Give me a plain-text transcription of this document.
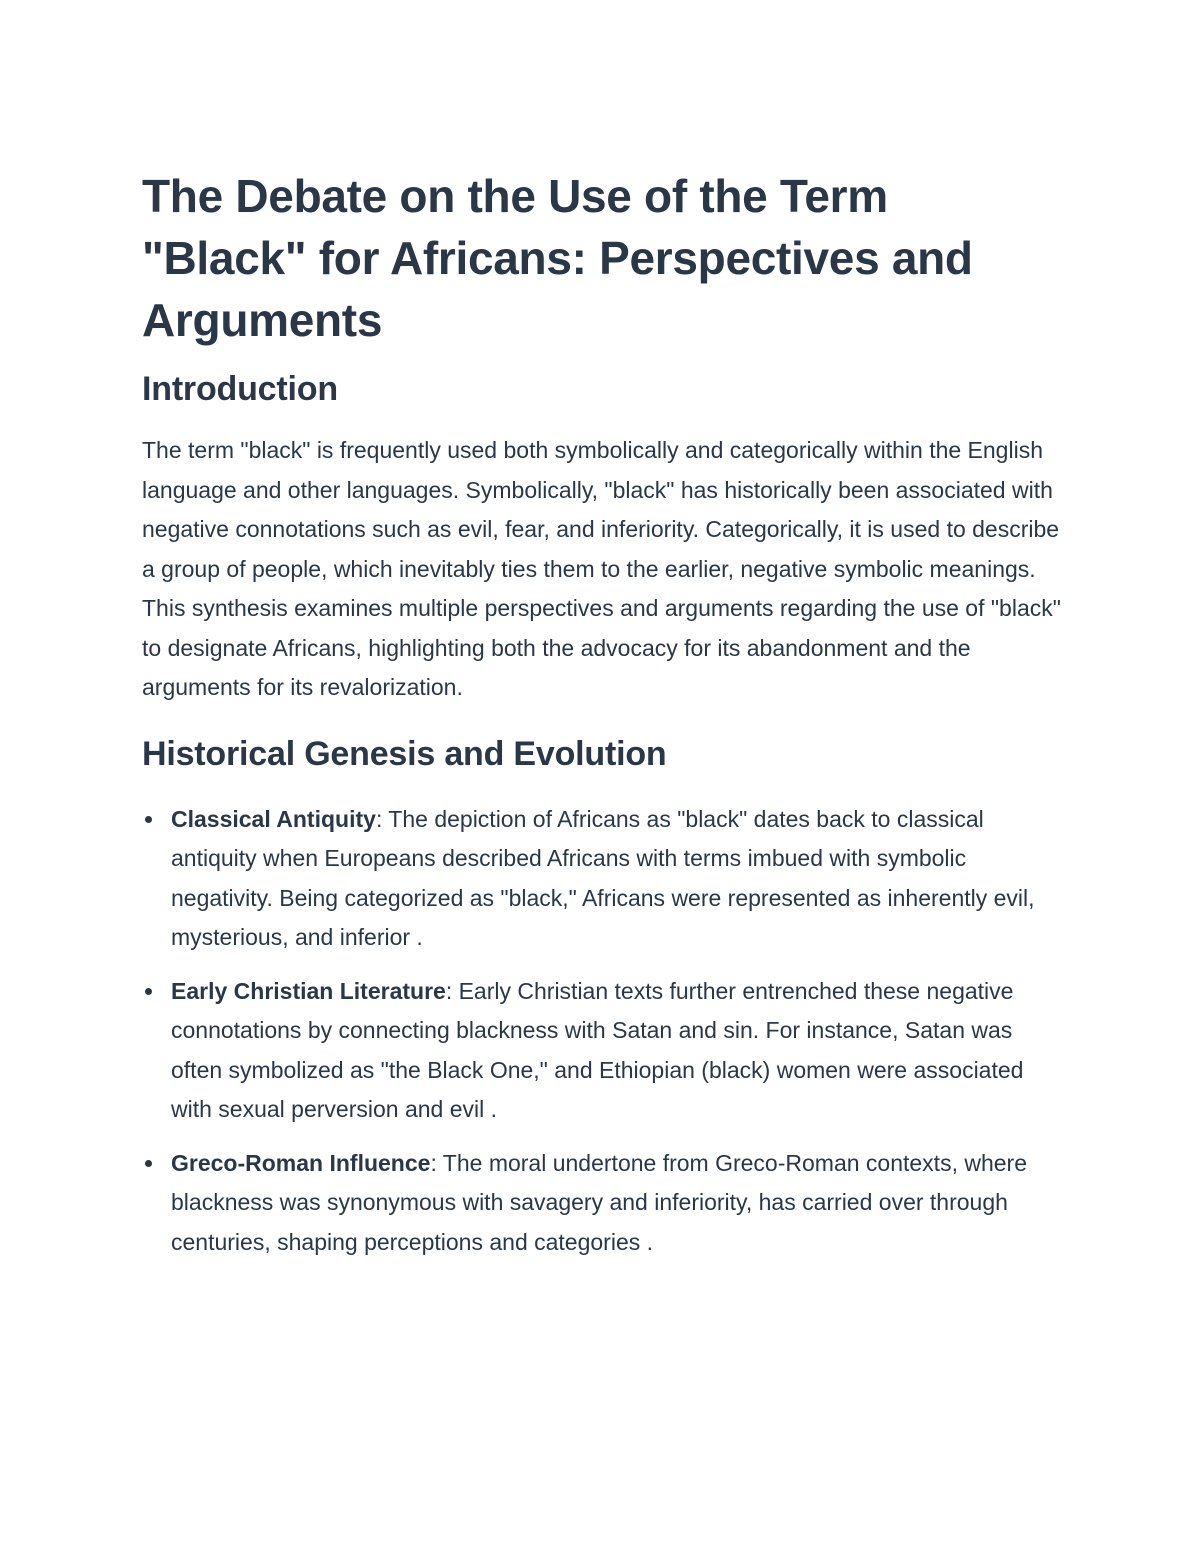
The Debate on the Use of the Term "Black" for Africans: Perspectives and Arguments
Introduction

The term "black" is frequently used both symbolically and categorically within the English language and other languages. Symbolically, "black" has historically been associated with negative connotations such as evil, fear, and inferiority. Categorically, it is used to describe a group of people, which inevitably ties them to the earlier, negative symbolic meanings. This synthesis examines multiple perspectives and arguments regarding the use of "black" to designate Africans, highlighting both the advocacy for its abandonment and the arguments for its revalorization.

Historical Genesis and Evolution
Classical Antiquity: The depiction of Africans as "black" dates back to classical antiquity when Europeans described Africans with terms imbued with symbolic negativity. Being categorized as "black," Africans were represented as inherently evil, mysterious, and inferior .
Early Christian Literature: Early Christian texts further entrenched these negative connotations by connecting blackness with Satan and sin. For instance, Satan was often symbolized as "the Black One," and Ethiopian (black) women were associated with sexual perversion and evil .
Greco-Roman Influence: The moral undertone from Greco-Roman contexts, where blackness was synonymous with savagery and inferiority, has carried over through centuries, shaping perceptions and categories .
